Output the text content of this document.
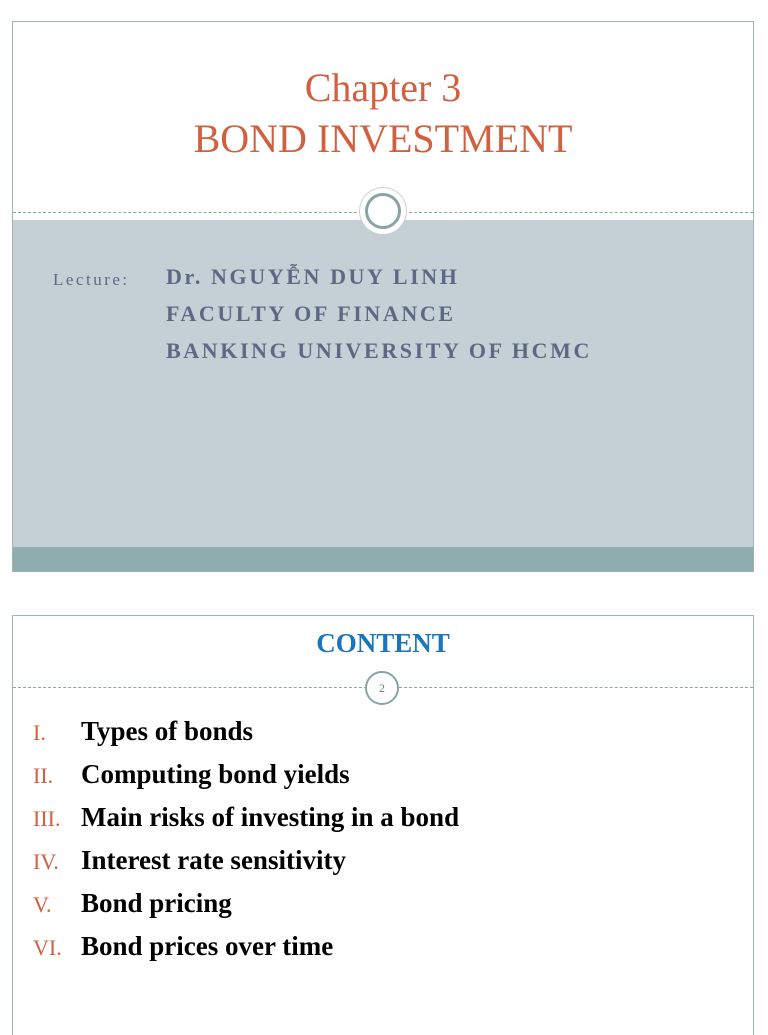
Chapter 3
BOND INVESTMENT
Lecture: Dr. NGUYỄN DUY LINH
FACULTY OF FINANCE
BANKING UNIVERSITY OF HCMC
CONTENT
2
I. Types of bonds
II. Computing bond yields
III. Main risks of investing in a bond
IV. Interest rate sensitivity
V. Bond pricing
VI. Bond prices over time
